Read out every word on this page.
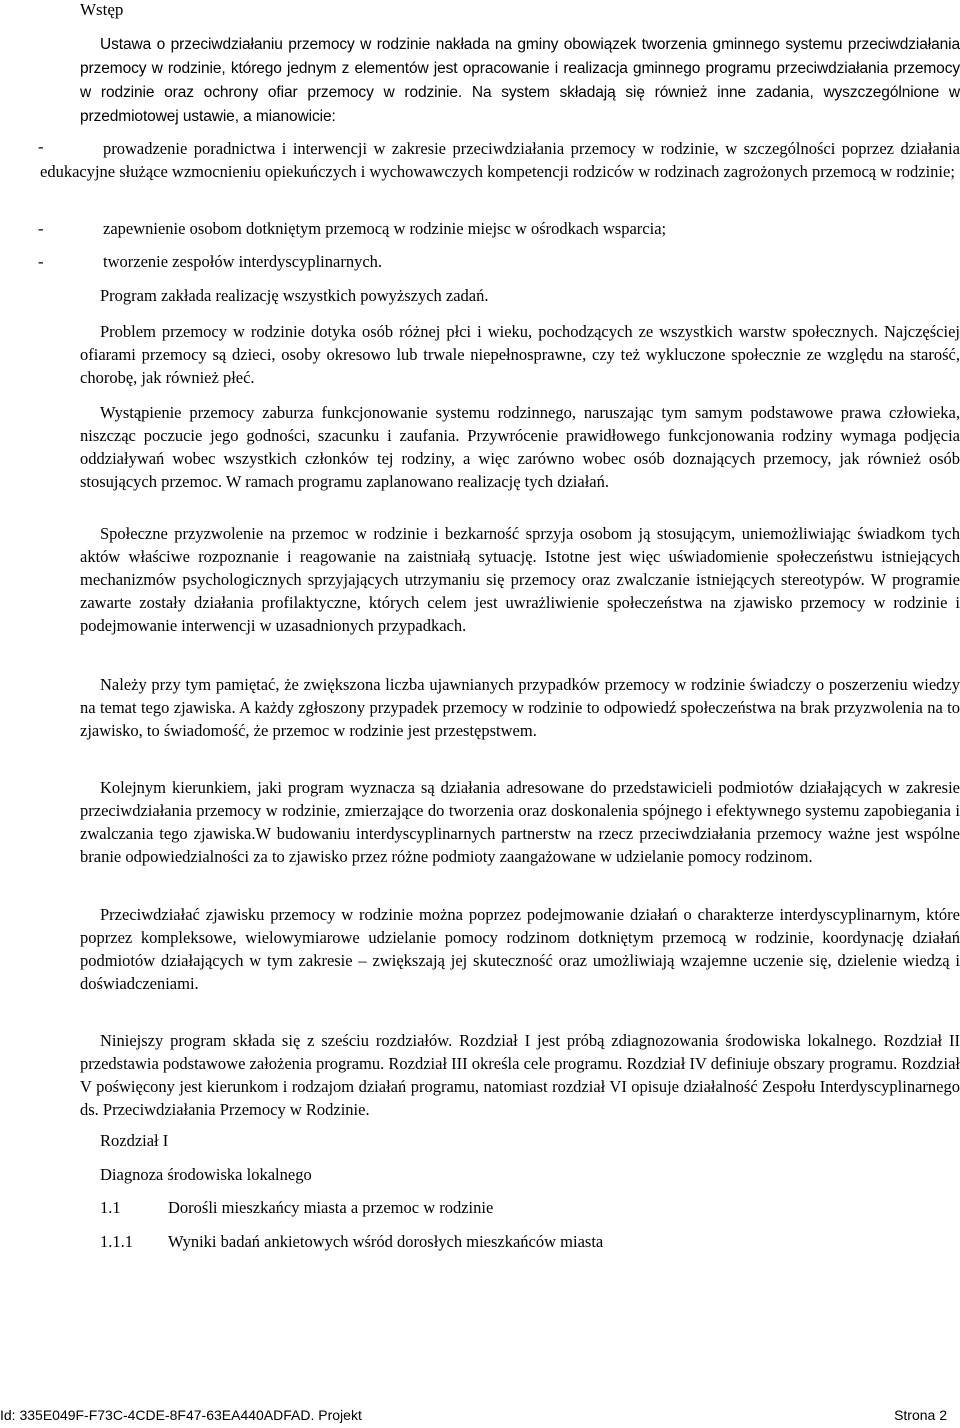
Wstęp
Ustawa o przeciwdziałaniu przemocy w rodzinie nakłada na gminy obowiązek tworzenia gminnego systemu przeciwdziałania przemocy w rodzinie, którego jednym z elementów jest opracowanie i realizacja gminnego programu przeciwdziałania przemocy w rodzinie oraz ochrony ofiar przemocy w rodzinie. Na system składają się również inne zadania, wyszczególnione w przedmiotowej ustawie, a mianowicie:
-	prowadzenie poradnictwa i interwencji w zakresie przeciwdziałania przemocy w rodzinie, w szczególności poprzez działania edukacyjne służące wzmocnieniu opiekuńczych i wychowawczych kompetencji rodziców w rodzinach zagrożonych przemocą w rodzinie;
-	zapewnienie osobom dotkniętym przemocą w rodzinie miejsc w ośrodkach wsparcia;
-	tworzenie zespołów interdyscyplinarnych.
Program zakłada realizację wszystkich powyższych zadań.
Problem przemocy w rodzinie dotyka osób różnej płci i wieku, pochodzących ze wszystkich warstw społecznych. Najczęściej ofiarami przemocy są dzieci, osoby okresowo lub trwale niepełnosprawne, czy też wykluczone społecznie ze względu na starość, chorobę, jak również płeć.
Wystąpienie przemocy zaburza funkcjonowanie systemu rodzinnego, naruszając tym samym podstawowe prawa człowieka, niszcząc poczucie jego godności, szacunku i zaufania. Przywrócenie prawidłowego funkcjonowania rodziny wymaga podjęcia oddziaływań wobec wszystkich członków tej rodziny, a więc zarówno wobec osób doznających przemocy, jak również osób stosujących przemoc. W ramach programu zaplanowano realizację tych działań.
Społeczne przyzwolenie na przemoc w rodzinie i bezkarność sprzyja osobom ją stosującym, uniemożliwiając świadkom tych aktów właściwe rozpoznanie i reagowanie na zaistniałą sytuację. Istotne jest więc uświadomienie społeczeństwu istniejących mechanizmów psychologicznych sprzyjających utrzymaniu się przemocy oraz zwalczanie istniejących stereotypów. W programie zawarte zostały działania profilaktyczne, których celem jest uwrażliwienie społeczeństwa na zjawisko przemocy w rodzinie i podejmowanie interwencji w uzasadnionych przypadkach.
Należy przy tym pamiętać, że zwiększona liczba ujawnianych przypadków przemocy w rodzinie świadczy o poszerzeniu wiedzy na temat tego zjawiska. A każdy zgłoszony przypadek przemocy w rodzinie to odpowiedź społeczeństwa na brak przyzwolenia na to zjawisko, to świadomość, że przemoc w rodzinie jest przestępstwem.
Kolejnym kierunkiem, jaki program wyznacza są działania adresowane do przedstawicieli podmiotów działających w zakresie przeciwdziałania przemocy w rodzinie, zmierzające do tworzenia oraz doskonalenia spójnego i efektywnego systemu zapobiegania i zwalczania tego zjawiska.W budowaniu interdyscyplinarnych partnerstw na rzecz przeciwdziałania przemocy ważne jest wspólne branie odpowiedzialności za to zjawisko przez różne podmioty zaangażowane w udzielanie pomocy rodzinom.
Przeciwdziałać zjawisku przemocy w rodzinie można poprzez podejmowanie działań o charakterze interdyscyplinarnym, które poprzez kompleksowe, wielowymiarowe udzielanie pomocy rodzinom dotkniętym przemocą w rodzinie, koordynację działań podmiotów działających w tym zakresie – zwiększają jej skuteczność oraz umożliwiają wzajemne uczenie się, dzielenie wiedzą i doświadczeniami.
Niniejszy program składa się z sześciu rozdziałów. Rozdział I jest próbą zdiagnozowania środowiska lokalnego. Rozdział II przedstawia podstawowe założenia programu. Rozdział III określa cele programu. Rozdział IV definiuje obszary programu. Rozdział V poświęcony jest kierunkom i rodzajom działań programu, natomiast rozdział VI opisuje działalność Zespołu Interdyscyplinarnego ds. Przeciwdziałania Przemocy w Rodzinie.
Rozdział I
Diagnoza środowiska lokalnego
1.1	Dorośli mieszkańcy miasta a przemoc w rodzinie
1.1.1 Wyniki badań ankietowych wśród dorosłych mieszkańców miasta
Id: 335E049F-F73C-4CDE-8F47-63EA440ADFAD. Projekt	Strona 2
